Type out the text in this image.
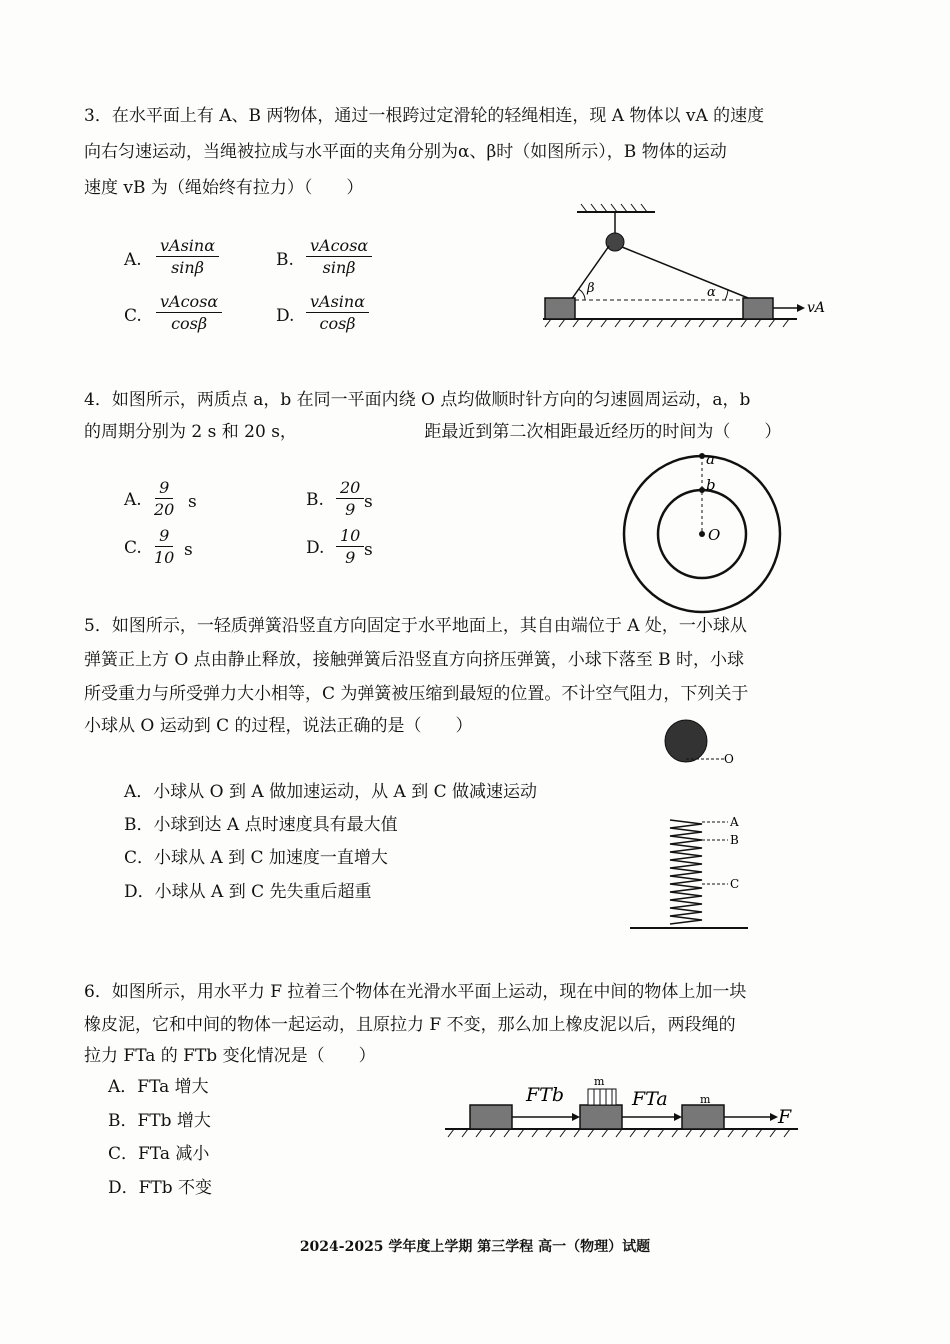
3．在水平面上有 A、B 两物体，通过一根跨过定滑轮的轻绳相连，现 A 物体以 vA 的速度
向右匀速运动，当绳被拉成与水平面的夹角分别为α、β时（如图所示），B 物体的运动
速度 vB 为（绳始终有拉力）（　　）
A. $\frac{vAsin\alpha}{\sin\beta}$	B. $\frac{vAcos\alpha}{\sin\beta}$
C. $\frac{vAcos\alpha}{\cos\beta}$	D. $\frac{vAsin\alpha}{\cos\beta}$
β	α
vA
4．如图所示，两质点 a，b 在同一平面内绕 O 点均做顺时针方向的匀速圆周运动，a，b
的周期分别为 2 s 和 20 s，　　　　　　　　距最近到第二次相距最近经历的时间为（　　）
A. $\frac{9}{20}$ s	B. $\frac{20}{9}$ s
C. $\frac{9}{10}$ s	D. $\frac{10}{9}$ s
a
b
O
5．如图所示，一轻质弹簧沿竖直方向固定于水平地面上，其自由端位于 A 处，一小球从
弹簧正上方 O 点由静止释放，接触弹簧后沿竖直方向挤压弹簧，小球下落至 B 时，小球
所受重力与所受弹力大小相等，C 为弹簧被压缩到最短的位置。不计空气阻力，下列关于
小球从 O 运动到 C 的过程，说法正确的是（　　）
A．小球从 O 到 A 做加速运动，从 A 到 C 做减速运动
B．小球到达 A 点时速度具有最大值
C．小球从 A 到 C 加速度一直增大
D．小球从 A 到 C 先失重后超重
O
A
B
C
6．如图所示，用水平力 F 拉着三个物体在光滑水平面上运动，现在中间的物体上加一块
橡皮泥，它和中间的物体一起运动，且原拉力 F 不变，那么加上橡皮泥以后，两段绳的
拉力 FTa 的 FTb 变化情况是（　　）
A．FTa 增大
B．FTb 增大
C．FTa 减小
D．FTb 不变
FTb	FTa
F
m
m
2024-2025 学年度上学期 第三学程 高一（物理）试题
